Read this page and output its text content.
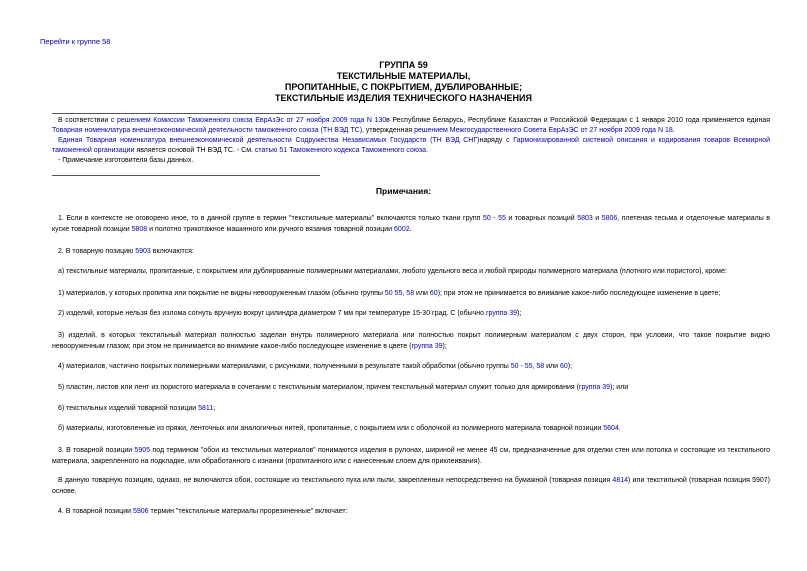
Перейти к группе 58
ГРУППА 59
ТЕКСТИЛЬНЫЕ МАТЕРИАЛЫ,
ПРОПИТАННЫЕ, С ПОКРЫТИЕМ, ДУБЛИРОВАННЫЕ;
ТЕКСТИЛЬНЫЕ ИЗДЕЛИЯ ТЕХНИЧЕСКОГО НАЗНАЧЕНИЯ

В соответствии с решением Комиссии Таможенного союза ЕврАзЭс от 27 ноября 2009 года N 130в Республике Беларусь, Республике Казахстан и Российской Федерации с 1 января 2010 года применяется единая Товарная номенклатура внешнеэкономической деятельности таможенного союза (ТН ВЭД ТС), утвержденная решением Межгосударственного Совета ЕврАзЭС от 27 ноября 2009 года N 18.

Единая Товарная номенклатура внешнеэкономической деятельности Содружества Независимых Государств (ТН ВЭД СНГ)наряду с Гармонизированной системой описания и кодирования товаров Всемирной таможенной организации является основой ТН ВЭД ТС. - См. статью 51 Таможенного кодекса Таможенного союза.

- Примечание изготовителя базы данных.

Примечания:
1. Если в контексте не оговорено иное, то в данной группе в термин "текстильные материалы" включаются только ткани групп 50 - 55 и товарных позиций 5803 и 5806, плетеная тесьма и отделочные материалы в куске товарной позиции 5808 и полотно трикотажное машинного или ручного вязания товарной позиции 6002.
2. В товарную позицию 5903 включаются:
а) текстильные материалы, пропитанные, с покрытием или дублированные полимерными материалами, любого удельного веса и любой природы полимерного материала (плотного или пористого), кроме:
1) материалов, у которых пропитка или покрытие не видны невооруженным глазом (обычно группы 50 55, 58 или 60); при этом не принимается во внимание какое-либо последующее изменение в цвете;
2) изделий, которые нельзя без излома согнуть вручную вокруг цилиндра диаметром 7 мм при температуре 15-30 град. С (обычно группа 39);
3) изделий, в которых текстильный материал полностью заделан внутрь полимерного материала или полностью покрыт полимерным материалом с двух сторон, при условии, что такое покрытие видно невооруженным глазом; при этом не принимается во внимание какое-либо последующее изменение в цвете (группа 39);
4) материалов, частично покрытых полимерными материалами, с рисунками, полученными в результате такой обработки (обычно группы 50 - 55, 58 или 60);
5) пластин, листов или лент из пористого материала в сочетании с текстильным материалом, причем текстильный материал служит только для армирования (группа 39); или
6) текстильных изделий товарной позиции 5811;
б) материалы, изготовленные из пряжи, ленточных или аналогичных нитей, пропитанные, с покрытием или с оболочкой из полимерного материала товарной позиции 5604.
3. В товарной позиции 5905 под термином "обои из текстильных материалов" понимаются изделия в рулонах, шириной не менее 45 см, предназначенные для отделки стен или потолка и состоящие из текстильного материала, закрепленного на подкладке, или обработанного с изнанки (пропитанного или с нанесенным слоем для приклеивания).
В данную товарную позицию, однако, не включаются обои, состоящие из текстильного пуха или пыли, закрепленных непосредственно на бумажной (товарная позиция 4814) или текстильной (товарная позиция 5907) основе.
4. В товарной позиции 5906 термин "текстильные материалы прорезиненные" включает:
